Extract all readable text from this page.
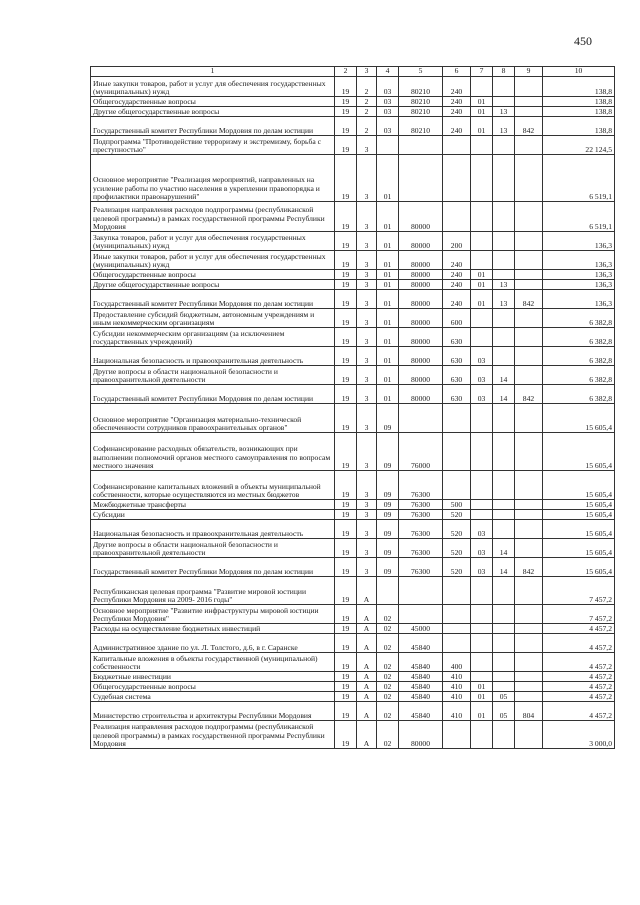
450
1	2	3	4	5	6	7	8	9	10
Иные закупки товаров, работ и услуг для обеспечения государственных (муниципальных) нужд	19	2	03	80210	240				138,8
Общегосударственные вопросы	19	2	03	80210	240	01			138,8
Другие общегосударственные вопросы	19	2	03	80210	240	01	13		138,8
Государственный комитет Республики Мордовия по делам юстиции	19	2	03	80210	240	01	13	842	138,8
Подпрограмма "Противодействие терроризму и экстремизму, борьба с преступностью"	19	3							22 124,5
Основное мероприятие "Реализация мероприятий, направленных на усиление работы по участию населения в укреплении правопорядка и профилактики правонарушений"	19	3	01						6 519,1
Реализация направления расходов подпрограммы (республиканской целевой программы) в рамках государственной программы Республики Мордовия	19	3	01	80000					6 519,1
Закупка товаров, работ и услуг для обеспечения государственных (муниципальных) нужд	19	3	01	80000	200				136,3
Иные закупки товаров, работ и услуг для обеспечения государственных (муниципальных) нужд	19	3	01	80000	240				136,3
Общегосударственные вопросы	19	3	01	80000	240	01			136,3
Другие общегосударственные вопросы	19	3	01	80000	240	01	13		136,3
Государственный комитет Республики Мордовия по делам юстиции	19	3	01	80000	240	01	13	842	136,3
Предоставление субсидий бюджетным, автономным учреждениям и иным некоммерческим организациям	19	3	01	80000	600				6 382,8
Субсидии некоммерческим организациям (за исключением государственных учреждений)	19	3	01	80000	630				6 382,8
Национальная безопасность и правоохранительная деятельность	19	3	01	80000	630	03			6 382,8
Другие вопросы в области национальной безопасности и правоохранительной деятельности	19	3	01	80000	630	03	14		6 382,8
Государственный комитет Республики Мордовия по делам юстиции	19	3	01	80000	630	03	14	842	6 382,8
Основное мероприятие "Организация материально-технической обеспеченности сотрудников правоохранительных органов"	19	3	09						15 605,4
Софинансирование расходных обязательств, возникающих при выполнении полномочий органов местного самоуправления по вопросам местного значения	19	3	09	76000					15 605,4
Софинансирование капитальных вложений в объекты муниципальной собственности, которые осуществляются из местных бюджетов	19	3	09	76300					15 605,4
Межбюджетные трансферты	19	3	09	76300	500				15 605,4
Субсидии	19	3	09	76300	520				15 605,4
Национальная безопасность и правоохранительная деятельность	19	3	09	76300	520	03			15 605,4
Другие вопросы в области национальной безопасности и правоохранительной деятельности	19	3	09	76300	520	03	14		15 605,4
Государственный комитет Республики Мордовия по делам юстиции	19	3	09	76300	520	03	14	842	15 605,4
Республиканская целевая программа "Развитие мировой юстиции Республики Мордовия на 2009- 2016 годы"	19	А							7 457,2
Основное мероприятие "Развитие инфраструктуры мировой юстиции Республики Мордовия"	19	А	02						7 457,2
Расходы на осуществление бюджетных инвестиций	19	А	02	45000					4 457,2
Административное здание по ул. Л. Толстого, д.6, в г. Саранске	19	А	02	45840					4 457,2
Капитальные вложения в объекты государственной (муниципальной) собственности	19	А	02	45840	400				4 457,2
Бюджетные инвестиции	19	А	02	45840	410				4 457,2
Общегосударственные вопросы	19	А	02	45840	410	01			4 457,2
Судебная система	19	А	02	45840	410	01	05		4 457,2
Министерство строительства и архитектуры Республики Мордовия	19	А	02	45840	410	01	05	804	4 457,2
Реализация направления расходов подпрограммы (республиканской целевой программы) в рамках государственной программы Республики Мордовия	19	А	02	80000					3 000,0
